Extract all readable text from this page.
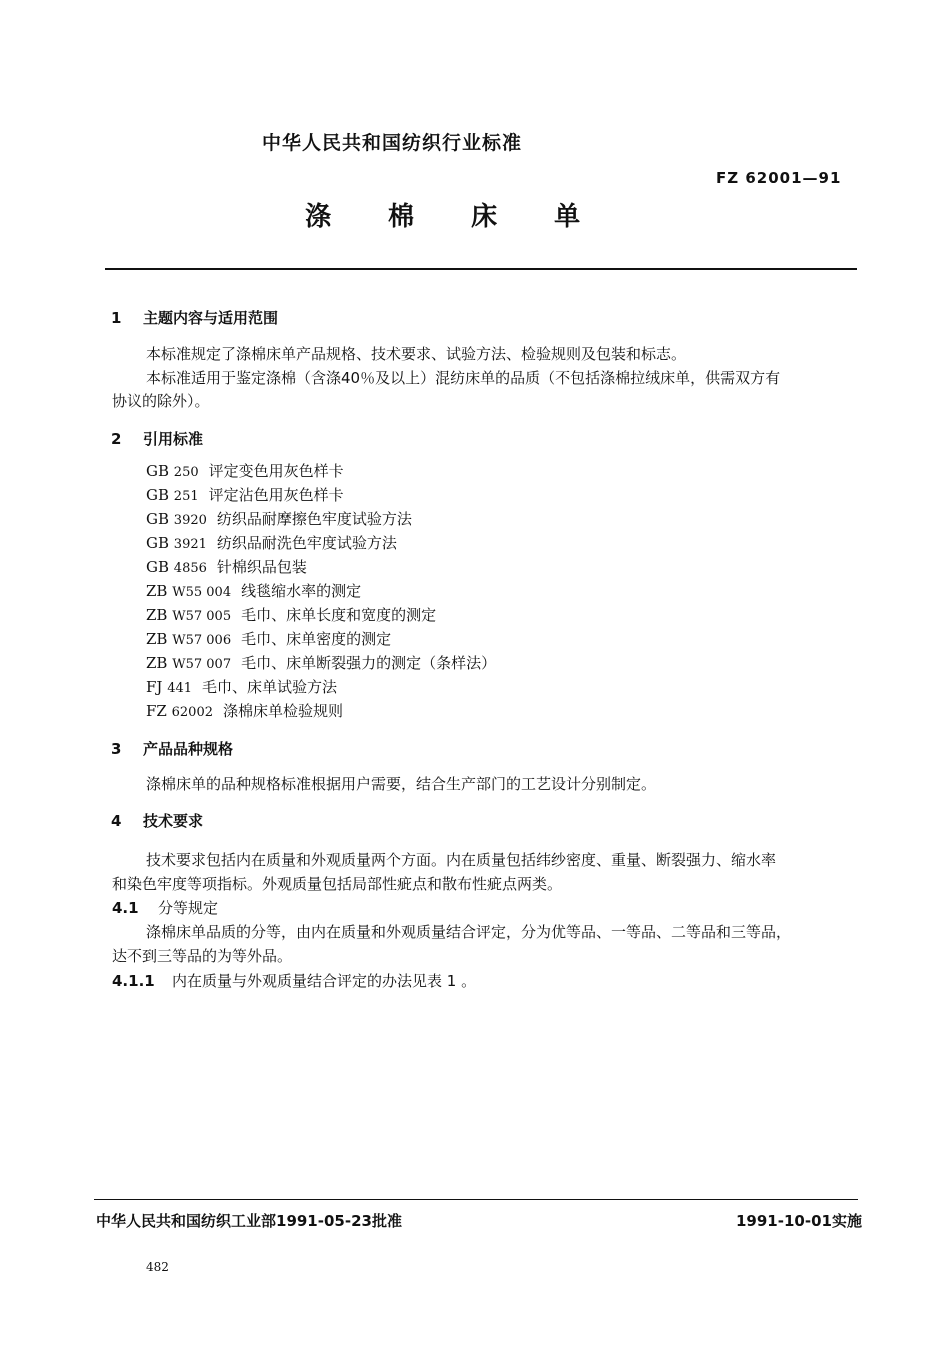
中华人民共和国纺织行业标准
FZ 62001—91
涤 棉 床 单
1 主题内容与适用范围
本标准规定了涤棉床单产品规格、技术要求、试验方法、检验规则及包装和标志。
本标准适用于鉴定涤棉（含涤40％及以上）混纺床单的品质（不包括涤棉拉绒床单，供需双方有
协议的除外）。
2 引用标准
GB 250 评定变色用灰色样卡
GB 251 评定沾色用灰色样卡
GB 3920 纺织品耐摩擦色牢度试验方法
GB 3921 纺织品耐洗色牢度试验方法
GB 4856 针棉织品包装
ZB W55 004 线毯缩水率的测定
ZB W57 005 毛巾、床单长度和宽度的测定
ZB W57 006 毛巾、床单密度的测定
ZB W57 007 毛巾、床单断裂强力的测定（条样法）
FJ 441 毛巾、床单试验方法
FZ 62002 涤棉床单检验规则
3 产品品种规格
涤棉床单的品种规格标准根据用户需要，结合生产部门的工艺设计分别制定。
4 技术要求
技术要求包括内在质量和外观质量两个方面。内在质量包括纬纱密度、重量、断裂强力、缩水率
和染色牢度等项指标。外观质量包括局部性疵点和散布性疵点两类。
4.1 分等规定
涤棉床单品质的分等，由内在质量和外观质量结合评定，分为优等品、一等品、二等品和三等品，
达不到三等品的为等外品。
4.1.1 内在质量与外观质量结合评定的办法见表 1 。
中华人民共和国纺织工业部1991-05-23批准	1991-10-01实施
482
